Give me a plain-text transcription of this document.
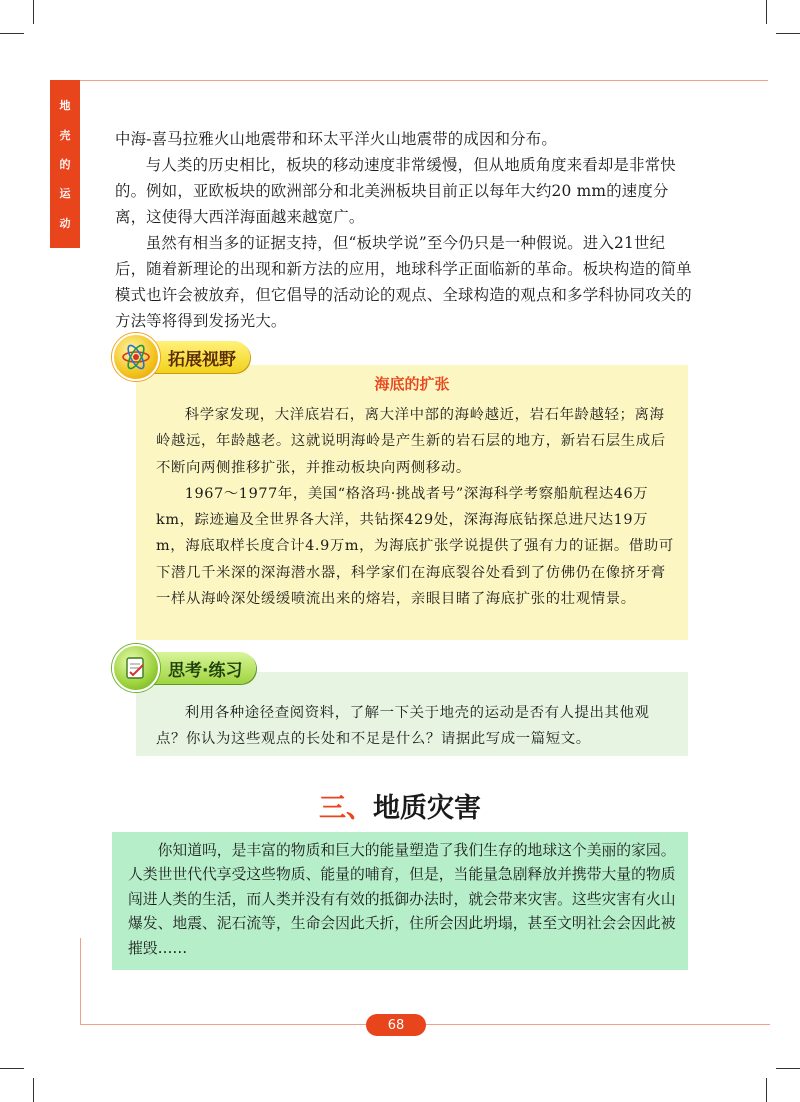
地
壳
的
运
动

中海-喜马拉雅火山地震带和环太平洋火山地震带的成因和分布。

与人类的历史相比，板块的移动速度非常缓慢，但从地质角度来看却是非常快的。例如，亚欧板块的欧洲部分和北美洲板块目前正以每年大约20 mm的速度分离，这使得大西洋海面越来越宽广。

虽然有相当多的证据支持，但“板块学说”至今仍只是一种假说。进入21世纪后，随着新理论的出现和新方法的应用，地球科学正面临新的革命。板块构造的简单模式也许会被放弃，但它倡导的活动论的观点、全球构造的观点和多学科协同攻关的方法等将得到发扬光大。

海底的扩张

科学家发现，大洋底岩石，离大洋中部的海岭越近，岩石年龄越轻；离海岭越远，年龄越老。这就说明海岭是产生新的岩石层的地方，新岩石层生成后不断向两侧推移扩张，并推动板块向两侧移动。

1967～1977年，美国“格洛玛·挑战者号”深海科学考察船航程达46万km，踪迹遍及全世界各大洋，共钻探429处，深海海底钻探总进尺达19万m，海底取样长度合计4.9万m，为海底扩张学说提供了强有力的证据。借助可下潜几千米深的深海潜水器，科学家们在海底裂谷处看到了仿佛仍在像挤牙膏一样从海岭深处缓缓喷流出来的熔岩，亲眼目睹了海底扩张的壮观情景。

拓展视野

利用各种途径查阅资料，了解一下关于地壳的运动是否有人提出其他观点？你认为这些观点的长处和不足是什么？请据此写成一篇短文。

思考·练习
三、地质灾害

你知道吗，是丰富的物质和巨大的能量塑造了我们生存的地球这个美丽的家园。人类世世代代享受这些物质、能量的哺育，但是，当能量急剧释放并携带大量的物质闯进人类的生活，而人类并没有有效的抵御办法时，就会带来灾害。这些灾害有火山爆发、地震、泥石流等，生命会因此夭折，住所会因此坍塌，甚至文明社会会因此被摧毁……

68
